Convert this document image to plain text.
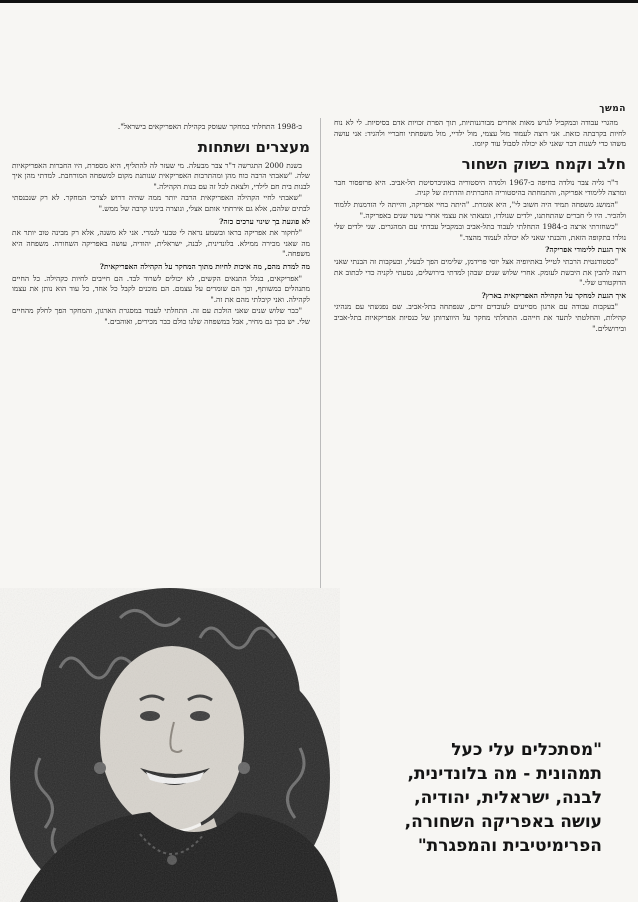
המשך

מהגרי עבודה ובמקביל לגרש מאות אחרים מבורגנותיות, תוך הפרת זכויות אדם בסיסיות. לי לא נוח לחיות בקרבתה כזאת. אני רוצה לעמוד מול עצמי, מול ילדיי, מול משפחתי וחבריי ולהגיד: אני עושה משהו כדי לשנות דבר שאני לא יכולה לסבול עוד קיומו.

חלב וקמח בשוק השחור

ד"ר גליה צבר נולדה בחיפה ב-1967 ולמדה היסטוריה באוניברסיטת תל-אביב. היא פרופסור חבר ומרצה ללימודי אפריקה, והתמחתה בהיסטוריה החברתית והדתית של קניה.

"המושג משפחה תמיד היה חשוב לי", היא אומרת. "היתה בחיי אפריקה, והייתה לי הזדמנות ללמוד ולהכיר. היו לי חברים שהתחתנו, ילדים שנולדו, ומצאתי את עצמי אחרי עשר שנים באפריקה."

"כשחזרתי ארצה ב-1984 התחלתי לעבוד בתל-אביב ובמקביל עבדתי עם המהגרים. שני ילדים שלי נולדו בתקופה הזאת, והבנתי שאני לא יכולה לעמוד מהצד."

איך הגעת ללימודי אפריקה?

"כסטודנטית הרבתי לטייל באתיופיה אצל יוסי פרידמן, שלימים הפך לבעלי, ובעקבות זה הבנתי שאני רוצה להבין את היבשת לעומק. אחרי שלוש שנים שבהן למדתי בירושלים, נסעתי לקניה כדי לכתוב את הדוקטורט שלי."

איך הגעת למחקר על הקהילה האפריקאית בארץ?

"בעקבות עבודה עם ארגון מסייעים לעובדים זרים, שנפתחה בתל-אביב. שם נפגשתי עם מנהיגי קהילות, והחלטתי לתעד את חייהם. התחלתי מחקר על היווצרותן של כנסיות אפריקאיות בתל-אביב ובירושלים."

ב-1998 התחלתי במחקר שעוסק בקהילת האפריקאים בישראל".

מעצרים ושתחות

בשנת 2000 התגרשה ד"ר צבר מבעלה. מי שעזר לה להתליף, היא מספרת, היו החברות האפריקאיות שלה. "שאבתי הרבה כוח מהן ומהתרבות האפריקאית שנותנת מקום למשפחה המורחבת. למדתי מהן איך לבנות בית חם לילדי, ולצאת לכל זה עם בנות הקהילה."

"שאבתי לחיי הקהילה האפריקאית הרבה יותר ממה שהיה דרוש לצרכי המחקר. לא רק שנכנסתי לבתים שלהם, אלא גם אירחתי אותם אצלי, ונוצרה בינינו קרבה של ממש."

לא פוגעת בך שינוי ערכים כזה?

"לחקור את אפריקה בראו ובשמע נראה לי טבעי לגמרי. אני לא משנה, אלא רק מבינה טוב יותר את מה שאני מכירה ממילא. בלונדינית, לבנה, ישראלית, יהודיה, עושה באפריקה השחורה. משפחה היא משפחה."

מה למדת מהם, מה איכות לחיות מתוך המחקר על הקהילה האפריקאית?

"אפריקאים, בגלל התנאים הקשים, לא יכולים לשרוד לבד. הם חייבים לחיות כקהילה. כל החיים מתנהלים במשותף, וכך הם שומרים על עצמם. הם מוכנים לקבל כל אחד, כל עוד הוא נותן את עצמו לקהילה. ואני קיבלתי מהם את זה."

"כבר שלוש שנים שאני הולכת עם זה. התחלתי לעבוד במסגרת הארגון, והמחקר הפך לחלק מהחיים שלי. יש בכך גם מחיר, אבל במשפחה שלנו כולם כבר מכירים, ואוהבים."

"מסתכלים עלי כעל
תמהונית - מה בלונדינית,
לבנה, ישראלית, יהודיה,
עושה באפריקה השחורה,
הפרימיטיבית והמפגרת"
